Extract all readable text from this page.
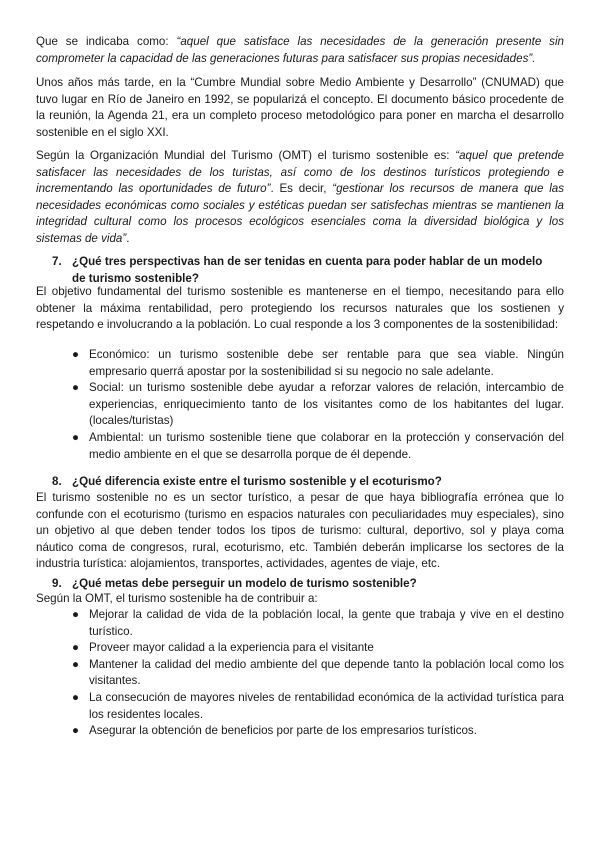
Que se indicaba como: “aquel que satisface las necesidades de la generación presente sin comprometer la capacidad de las generaciones futuras para satisfacer sus propias necesidades”.

Unos años más tarde, en la “Cumbre Mundial sobre Medio Ambiente y Desarrollo” (CNUMAD) que tuvo lugar en Río de Janeiro en 1992, se popularizá el concepto. El documento básico procedente de la reunión, la Agenda 21, era un completo proceso metodológico para poner en marcha el desarrollo sostenible en el siglo XXI.

Según la Organización Mundial del Turismo (OMT) el turismo sostenible es: “aquel que pretende satisfacer las necesidades de los turistas, así como de los destinos turísticos protegiendo e incrementando las oportunidades de futuro”. Es decir, “gestionar los recursos de manera que las necesidades económicas como sociales y estéticas puedan ser satisfechas mientras se mantienen la integridad cultural como los procesos ecológicos esenciales coma la diversidad biológica y los sistemas de vida”.

7. ¿Qué tres perspectivas han de ser tenidas en cuenta para poder hablar de un modelo
de turismo sostenible?

El objetivo fundamental del turismo sostenible es mantenerse en el tiempo, necesitando para ello obtener la máxima rentabilidad, pero protegiendo los recursos naturales que los sostienen y respetando e involucrando a la población. Lo cual responde a los 3 componentes de la sostenibilidad:

● Económico: un turismo sostenible debe ser rentable para que sea viable. Ningún empresario querrá apostar por la sostenibilidad si su negocio no sale adelante.
● Social: un turismo sostenible debe ayudar a reforzar valores de relación, intercambio de experiencias, enriquecimiento tanto de los visitantes como de los habitantes del lugar. (locales/turistas)
● Ambiental: un turismo sostenible tiene que colaborar en la protección y conservación del medio ambiente en el que se desarrolla porque de él depende.
8. ¿Qué diferencia existe entre el turismo sostenible y el ecoturismo?

El turismo sostenible no es un sector turístico, a pesar de que haya bibliografía errónea que lo confunde con el ecoturismo (turismo en espacios naturales con peculiaridades muy especiales), sino un objetivo al que deben tender todos los tipos de turismo: cultural, deportivo, sol y playa coma náutico coma de congresos, rural, ecoturismo, etc. También deberán implicarse los sectores de la industria turística: alojamientos, transportes, actividades, agentes de viaje, etc.

9. ¿Qué metas debe perseguir un modelo de turismo sostenible?

Según la OMT, el turismo sostenible ha de contribuir a:

● Mejorar la calidad de vida de la población local, la gente que trabaja y vive en el destino turístico.
● Proveer mayor calidad a la experiencia para el visitante
● Mantener la calidad del medio ambiente del que depende tanto la población local como los visitantes.
● La consecución de mayores niveles de rentabilidad económica de la actividad turística para los residentes locales.
● Asegurar la obtención de beneficios por parte de los empresarios turísticos.
